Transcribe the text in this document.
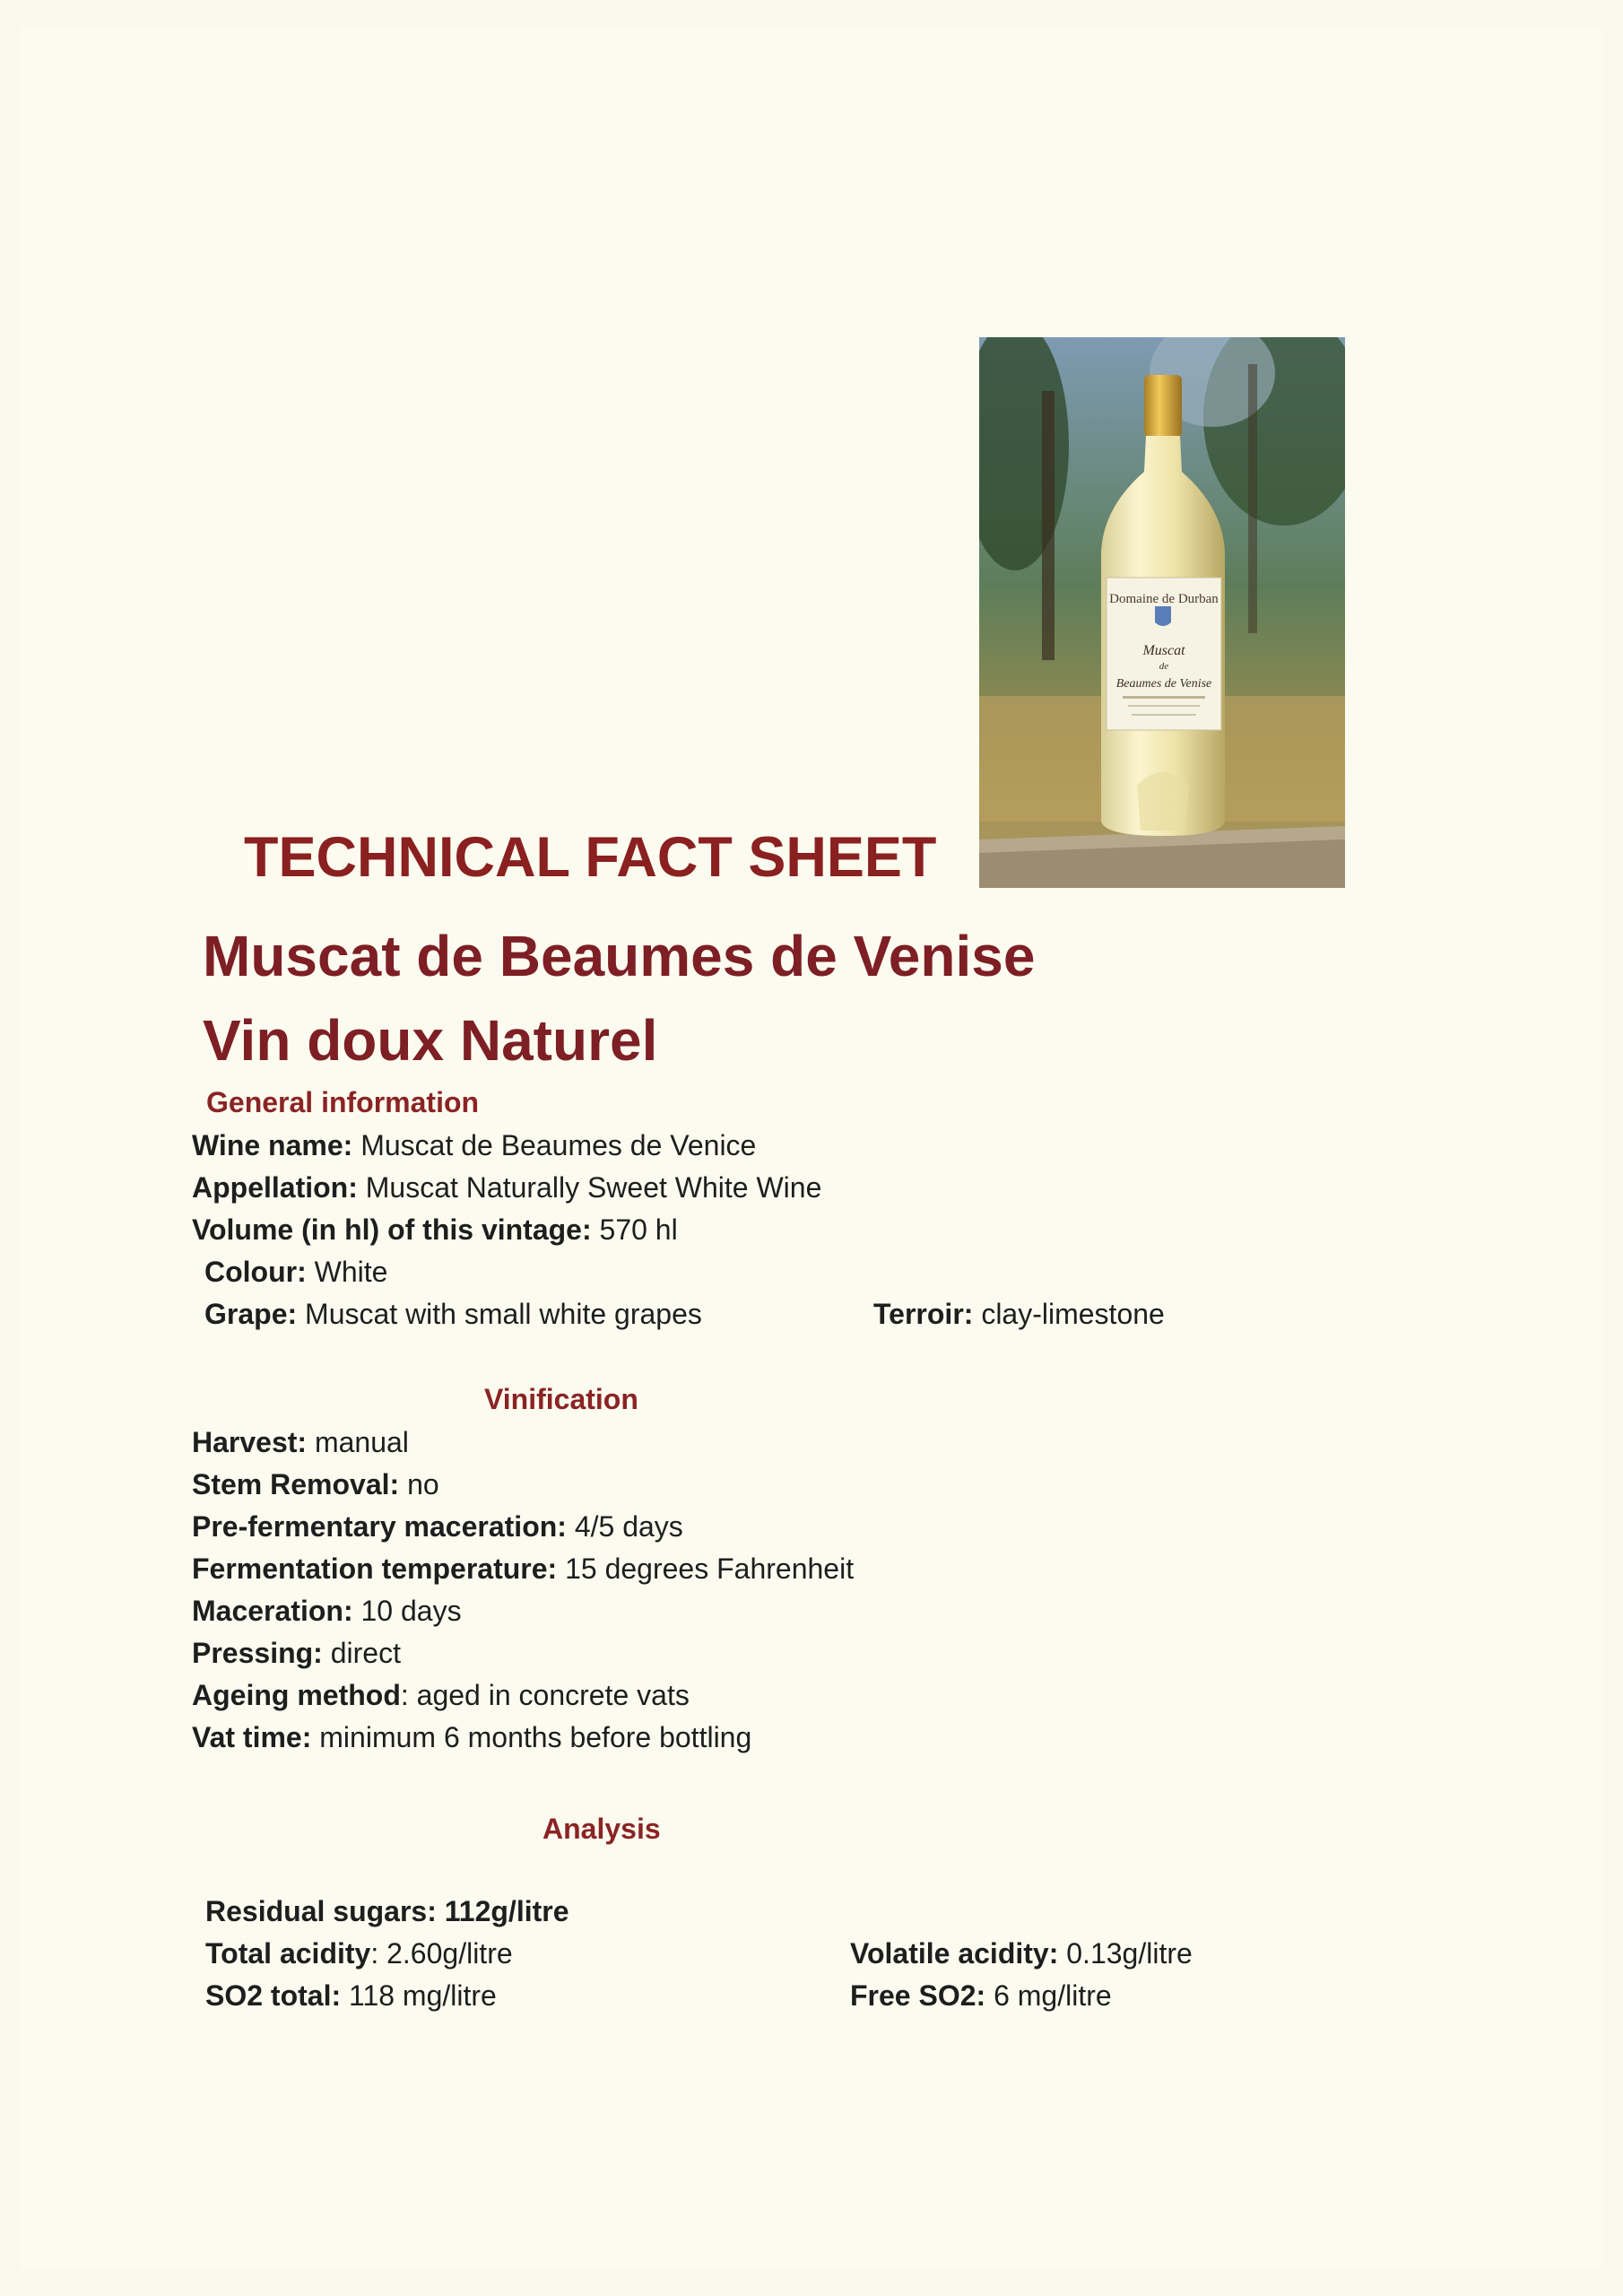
Domaine de Durban
Muscat
de
Beaumes de Venise
TECHNICAL FACT SHEET
Muscat de Beaumes de Venise
Vin doux Naturel
General information
Wine name: Muscat de Beaumes de Venice
Appellation: Muscat Naturally Sweet White Wine
Volume (in hl) of this vintage: 570 hl
Colour: White
Grape: Muscat with small white grapes	Terroir: clay-limestone
Vinification
Harvest: manual
Stem Removal: no
Pre-fermentary maceration: 4/5 days
Fermentation temperature: 15 degrees Fahrenheit
Maceration: 10 days
Pressing: direct
Ageing method: aged in concrete vats
Vat time: minimum 6 months before bottling
Analysis
Residual sugars: 112g/litre
Total acidity: 2.60g/litre	Volatile acidity: 0.13g/litre
SO2 total: 118 mg/litre	Free SO2: 6 mg/litre
